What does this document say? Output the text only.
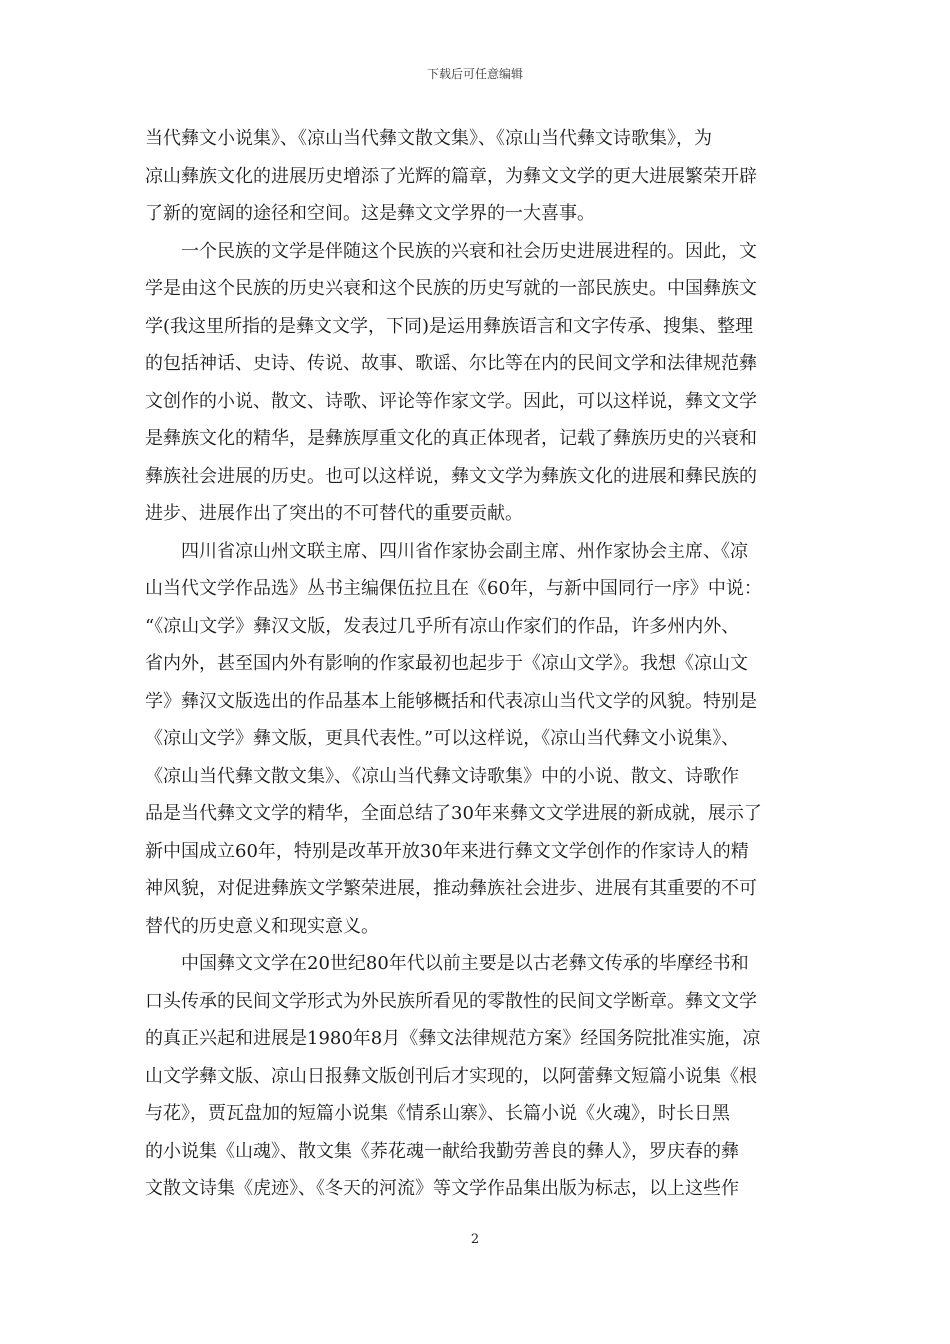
下载后可任意编辑
当代彝文小说集》、《凉山当代彝文散文集》、《凉山当代彝文诗歌集》，为
凉山彝族文化的进展历史增添了光辉的篇章，为彝文文学的更大进展繁荣开辟
了新的宽阔的途径和空间。这是彝文文学界的一大喜事。
　　一个民族的文学是伴随这个民族的兴衰和社会历史进展进程的。因此，文
学是由这个民族的历史兴衰和这个民族的历史写就的一部民族史。中国彝族文
学(我这里所指的是彝文文学，下同)是运用彝族语言和文字传承、搜集、整理
的包括神话、史诗、传说、故事、歌谣、尔比等在内的民间文学和法律规范彝
文创作的小说、散文、诗歌、评论等作家文学。因此，可以这样说，彝文文学
是彝族文化的精华，是彝族厚重文化的真正体现者，记载了彝族历史的兴衰和
彝族社会进展的历史。也可以这样说，彝文文学为彝族文化的进展和彝民族的
进步、进展作出了突出的不可替代的重要贡献。
　　四川省凉山州文联主席、四川省作家协会副主席、州作家协会主席、《凉
山当代文学作品选》丛书主编倮伍拉且在《60年，与新中国同行一序》中说：
“《凉山文学》彝汉文版，发表过几乎所有凉山作家们的作品，许多州内外、
省内外，甚至国内外有影响的作家最初也起步于《凉山文学》。我想《凉山文
学》彝汉文版选出的作品基本上能够概括和代表凉山当代文学的风貌。特别是
《凉山文学》彝文版，更具代表性。”可以这样说，《凉山当代彝文小说集》、
《凉山当代彝文散文集》、《凉山当代彝文诗歌集》中的小说、散文、诗歌作
品是当代彝文文学的精华，全面总结了30年来彝文文学进展的新成就，展示了
新中国成立60年，特别是改革开放30年来进行彝文文学创作的作家诗人的精
神风貌，对促进彝族文学繁荣进展，推动彝族社会进步、进展有其重要的不可
替代的历史意义和现实意义。
　　中国彝文文学在20世纪80年代以前主要是以古老彝文传承的毕摩经书和
口头传承的民间文学形式为外民族所看见的零散性的民间文学断章。彝文文学
的真正兴起和进展是1980年8月《彝文法律规范方案》经国务院批准实施，凉
山文学彝文版、凉山日报彝文版创刊后才实现的，以阿蕾彝文短篇小说集《根
与花》，贾瓦盘加的短篇小说集《情系山寨》、长篇小说《火魂》，时长日黑
的小说集《山魂》、散文集《荞花魂一献给我勤劳善良的彝人》，罗庆春的彝
文散文诗集《虎迹》、《冬天的河流》等文学作品集出版为标志，以上这些作
2
